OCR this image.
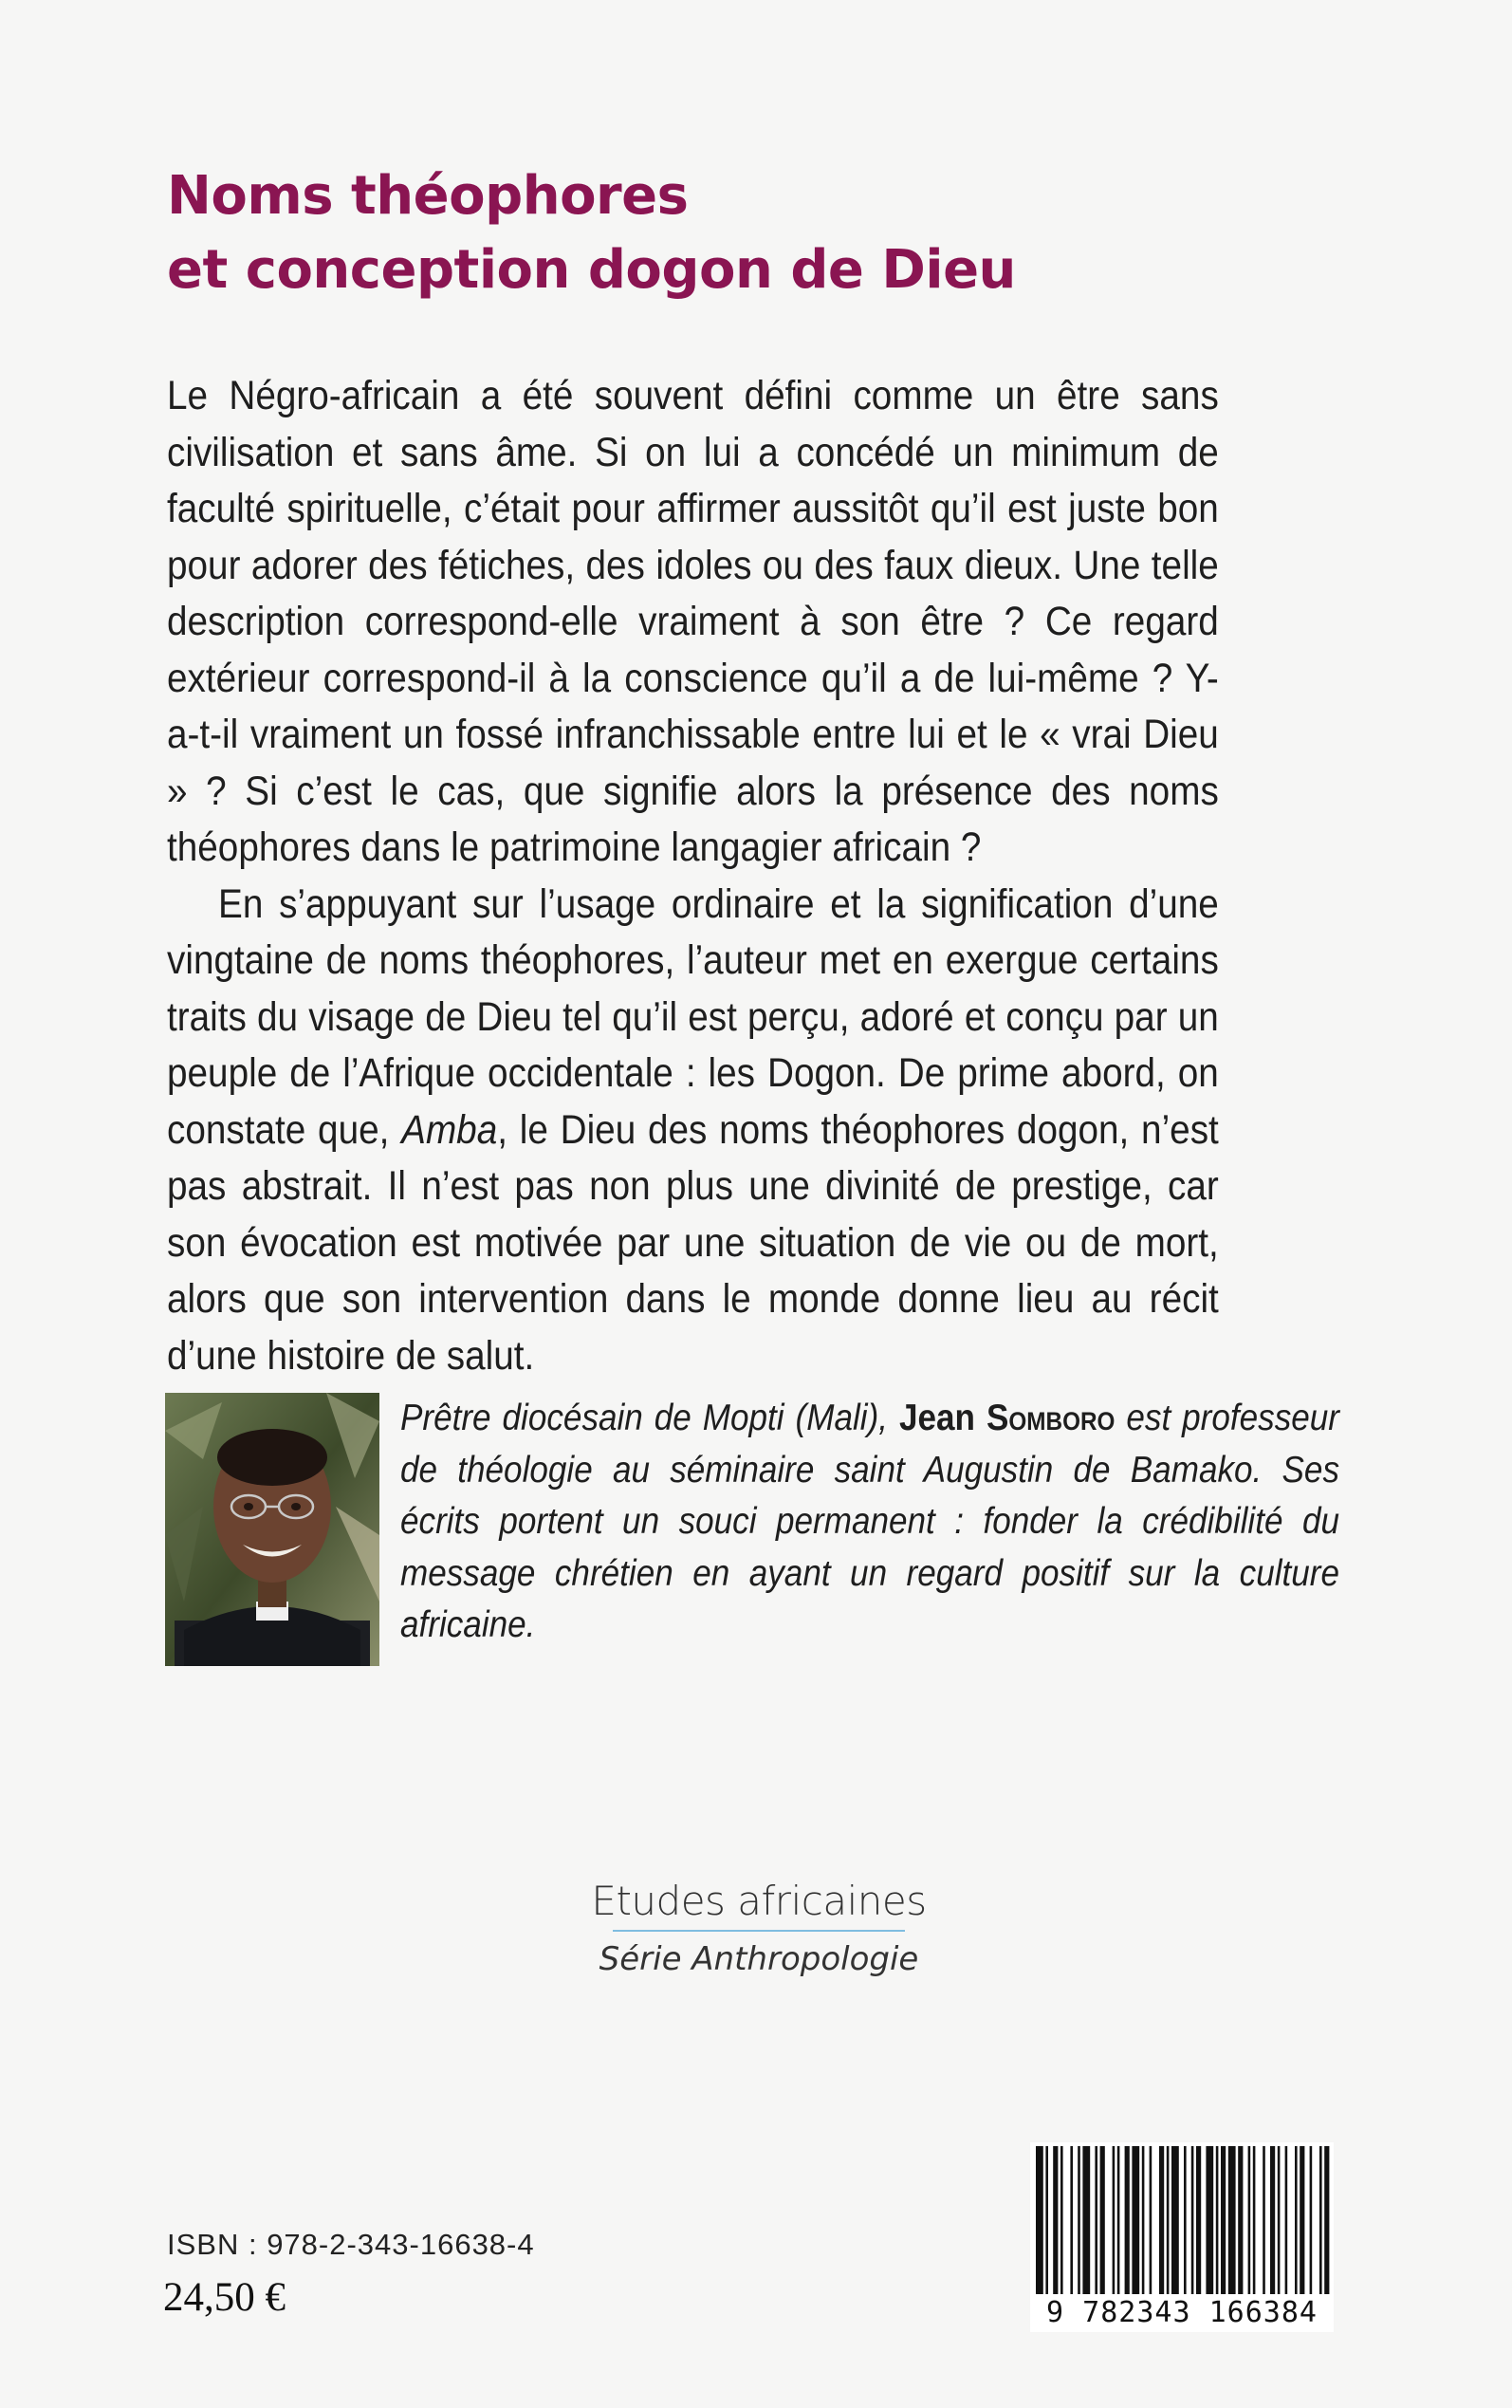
Noms théophores
et conception dogon de Dieu

Le Négro-africain a été souvent défini comme un être sans civilisation et sans âme. Si on lui a concédé un minimum de faculté spirituelle, c’était pour affirmer aussitôt qu’il est juste bon pour adorer des fétiches, des idoles ou des faux dieux. Une telle description correspond-elle vraiment à son être ? Ce regard extérieur correspond-il à la conscience qu’il a de lui-même ? Y-a-t-il vraiment un fossé infranchissable entre lui et le « vrai Dieu » ? Si c’est le cas, que signifie alors la présence des noms théophores dans le patrimoine langagier africain ?

En s’appuyant sur l’usage ordinaire et la signification d’une vingtaine de noms théophores, l’auteur met en exergue certains traits du visage de Dieu tel qu’il est perçu, adoré et conçu par un peuple de l’Afrique occidentale : les Dogon. De prime abord, on constate que, Amba, le Dieu des noms théophores dogon, n’est pas abstrait. Il n’est pas non plus une divinité de prestige, car son évocation est motivée par une situation de vie ou de mort, alors que son intervention dans le monde donne lieu au récit d’une histoire de salut.

Prêtre diocésain de Mopti (Mali), Jean Somboro est professeur de théologie au séminaire saint Augustin de Bamako. Ses écrits portent un souci permanent : fonder la crédibilité du message chrétien en ayant un regard positif sur la culture africaine.
Etudes africaines
Série Anthropologie
ISBN : 978-2-343-16638-4
24,50 €	9 782343 166384
